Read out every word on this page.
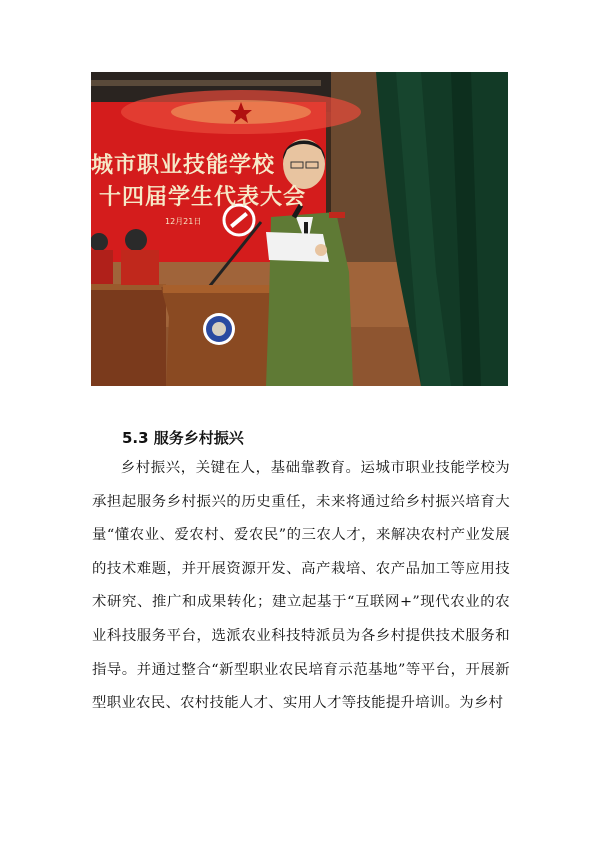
城市职业技能学校
十四届学生代表大会
12月21日
5.3 服务乡村振兴
乡村振兴，关键在人，基础靠教育。运城市职业技能学校为承担起服务乡村振兴的历史重任，未来将通过给乡村振兴培育大量“懂农业、爱农村、爱农民”的三农人才，来解决农村产业发展的技术难题，并开展资源开发、高产栽培、农产品加工等应用技术研究、推广和成果转化；建立起基于“互联网+”现代农业的农业科技服务平台，选派农业科技特派员为各乡村提供技术服务和指导。并通过整合“新型职业农民培育示范基地”等平台，开展新型职业农民、农村技能人才、实用人才等技能提升培训。为乡村
